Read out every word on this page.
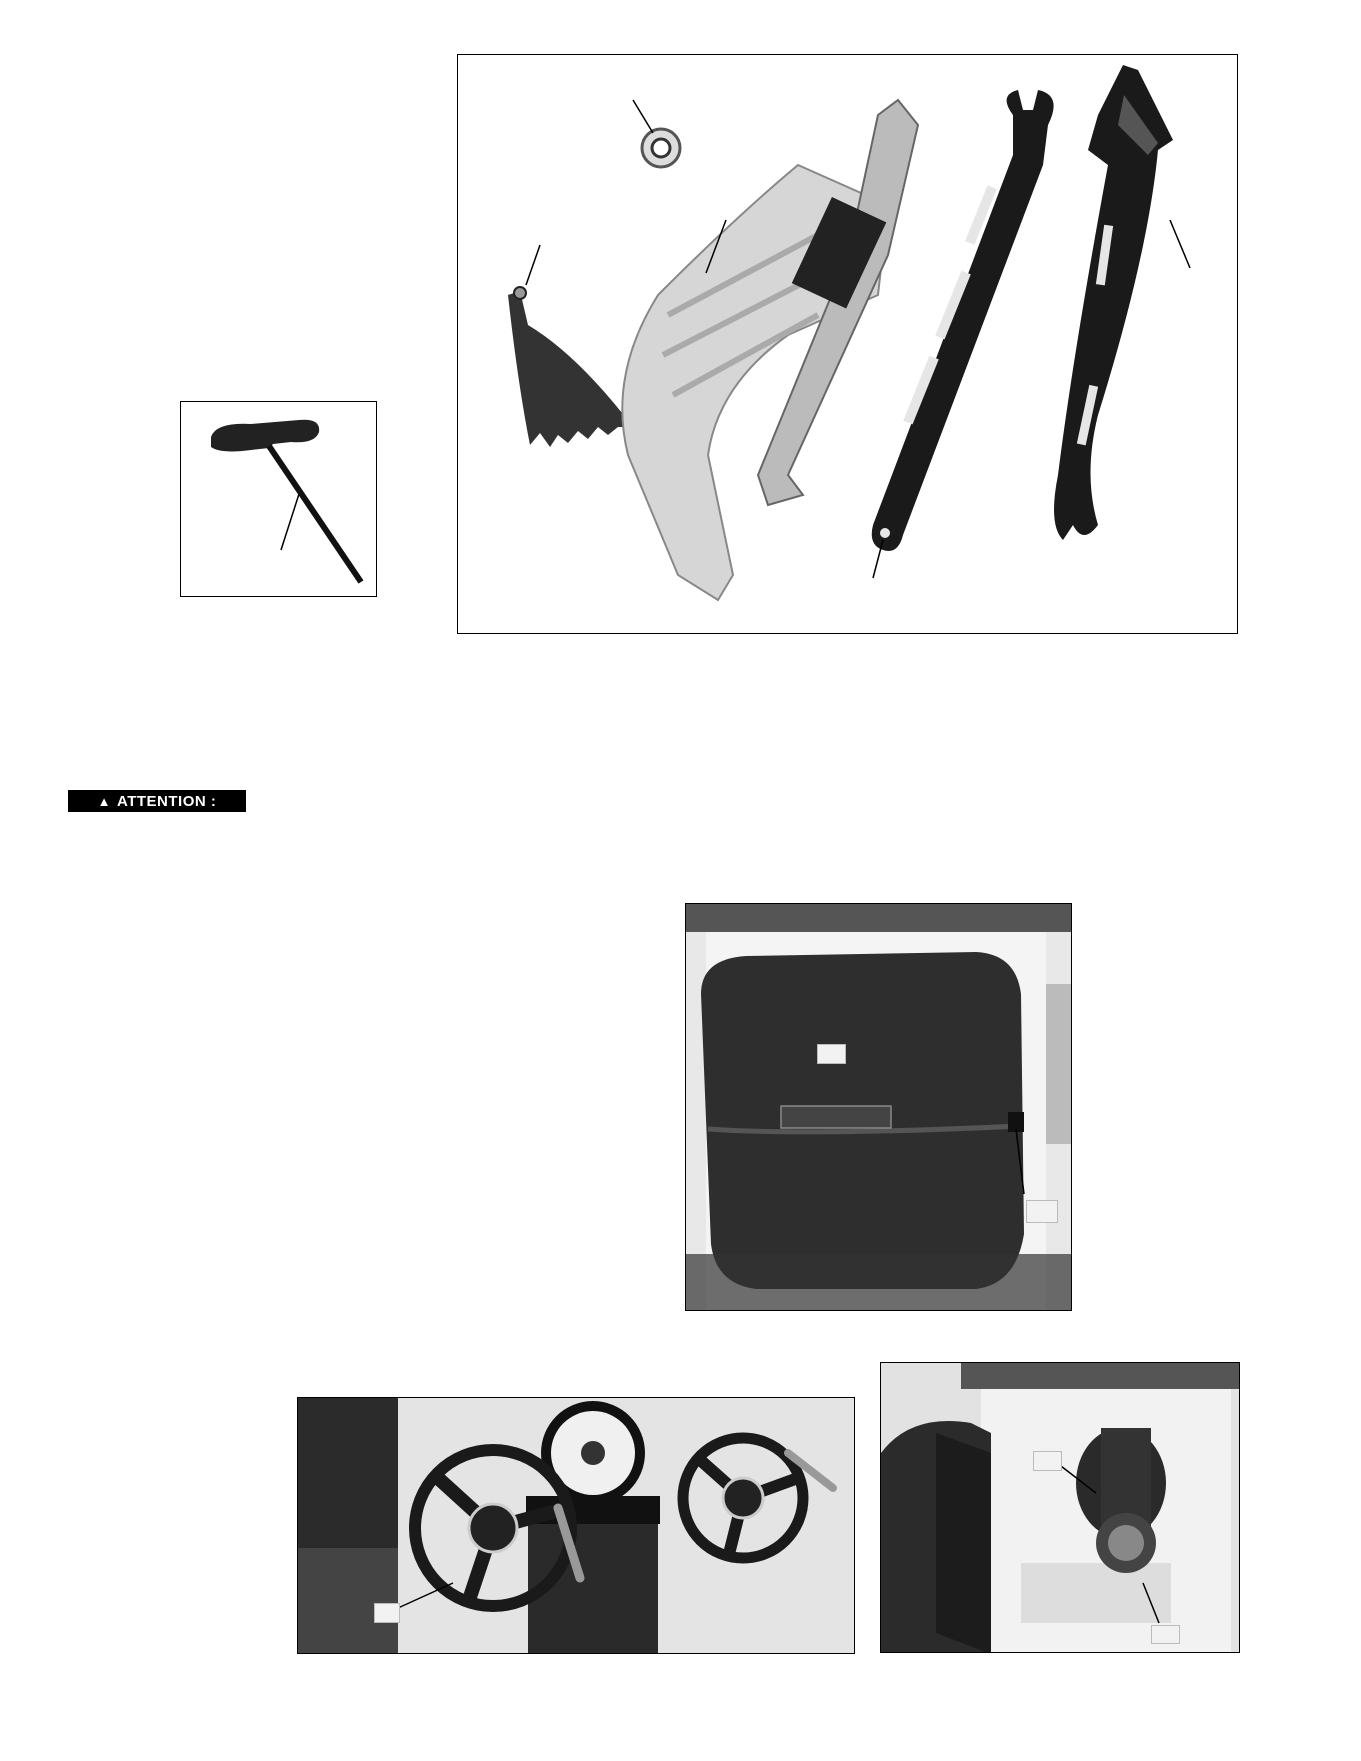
▲ ATTENTION :
